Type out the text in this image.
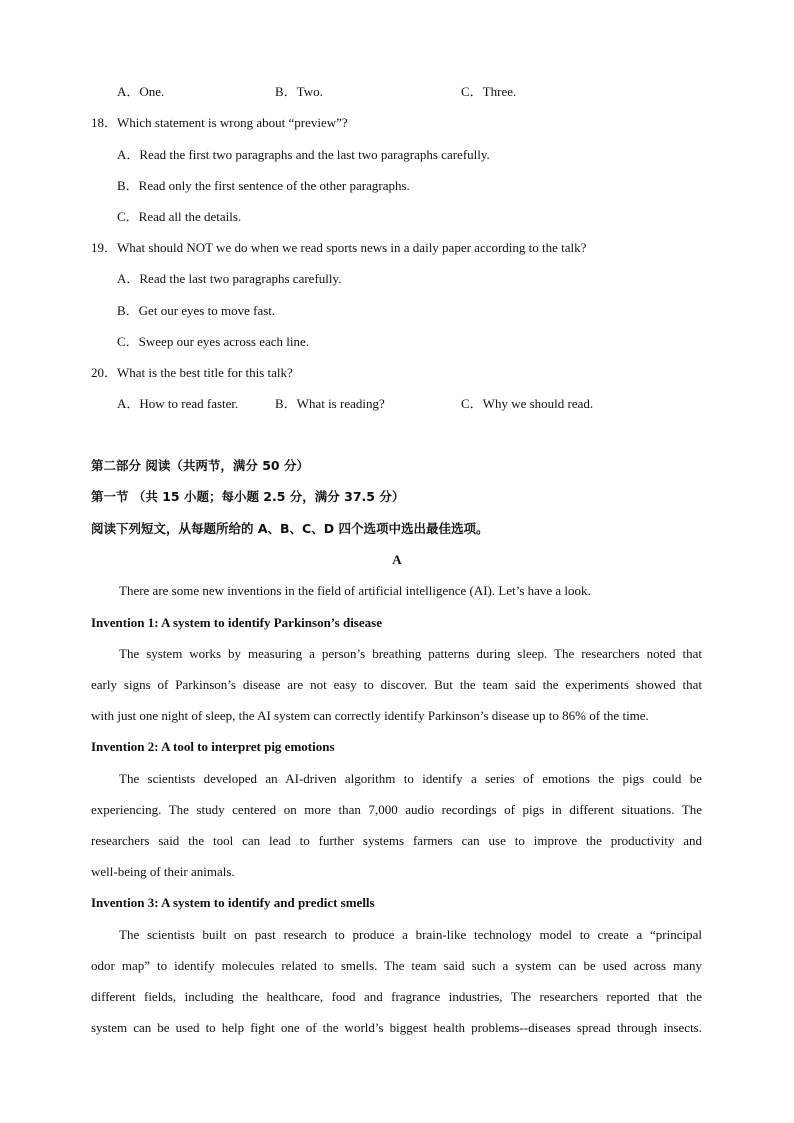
A．One.	B．Two.	C．Three.
18．Which statement is wrong about “preview”?
A．Read the first two paragraphs and the last two paragraphs carefully.
B．Read only the first sentence of the other paragraphs.
C．Read all the details.
19．What should NOT we do when we read sports news in a daily paper according to the talk?
A．Read the last two paragraphs carefully.
B．Get our eyes to move fast.
C．Sweep our eyes across each line.
20．What is the best title for this talk?
A．How to read faster.	B．What is reading?	C．Why we should read.
第二部分 阅读（共两节，满分 50 分）
第一节 （共 15 小题；每小题 2.5 分，满分 37.5 分）
阅读下列短文，从每题所给的 A、B、C、D 四个选项中选出最佳选项。
A
There are some new inventions in the field of artificial intelligence (AI). Let’s have a look.
Invention 1: A system to identify Parkinson’s disease
The system works by measuring a person’s breathing patterns during sleep. The researchers noted that
early signs of Parkinson’s disease are not easy to discover. But the team said the experiments showed that
with just one night of sleep, the AI system can correctly identify Parkinson’s disease up to 86% of the time.
Invention 2: A tool to interpret pig emotions
The scientists developed an AI-driven algorithm to identify a series of emotions the pigs could be
experiencing. The study centered on more than 7,000 audio recordings of pigs in different situations. The
researchers said the tool can lead to further systems farmers can use to improve the productivity and
well-being of their animals.
Invention 3: A system to identify and predict smells
The scientists built on past research to produce a brain-like technology model to create a “principal
odor map” to identify molecules related to smells. The team said such a system can be used across many
different fields, including the healthcare, food and fragrance industries, The researchers reported that the
system can be used to help fight one of the world’s biggest health problems--diseases spread through insects.
